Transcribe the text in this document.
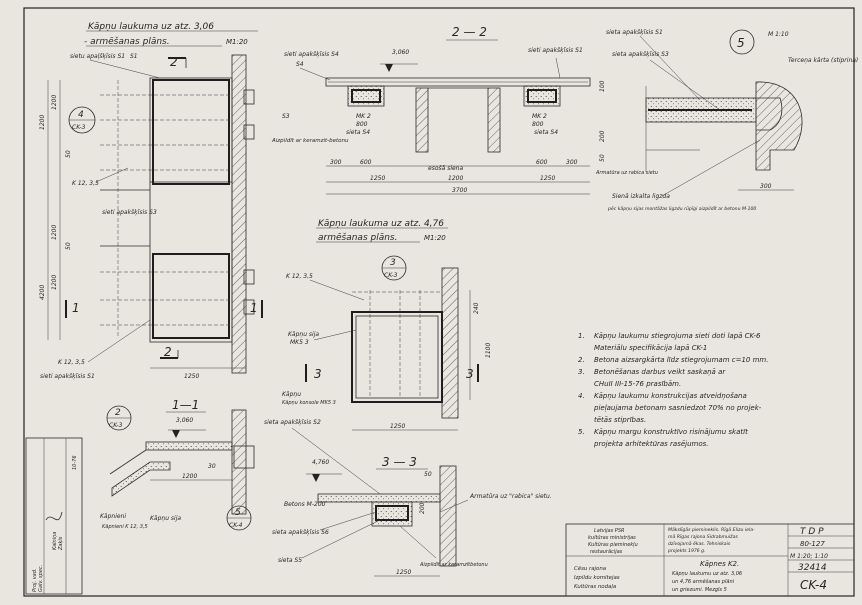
Kāpņu laukuma uz atz. 3,06
- armēšanas plāns.	M1:20
2
2
1	1
4
CK-3
1200
1200
1200
4200
1200
50
50
1250
sietu apaļšķīsis S1 S1
K 12, 3,5
sieti apakšķīsis S3
K 12, 3,5
sieti apakšķīsis S1
2 — 2
3,060
sieti apakšķīsis S4
S4
sieti apakšķīsis S1
S3	MK 2
800
sieta S4
MK 2
800
sieta S4
Aizpildīt ar keramzit-betonu
esošā siena
300	600	600	300
1250	1200	1250
3700
5
M 1:10
sieta apakšķīsis S1
sieta apakšķīsis S3
Terceņa kārta (stiprina)
100
200
50
Armatūra uz rabica sietu
Sienā izkalta ligzda
pēc kāpņu sijas montāžas ligzdu rūpīgi aizpildīt ar betonu M-100
300
Kāpņu laukuma uz atz. 4,76
armēšanas plāns.	M1:20
3
CK-3
3	3
K 12, 3,5
Kāpņu sija
MK5 3
Kāpņu
Kāpņu konsole MK5 3
240
1100
1250
1—1
3,060
30
1200
Kāpnieni
Kāpnieni K 12, 3,5
Kāpņu sija
2
CK-3
5
CK-4
3 — 3
sieta apakšķīsis S2
4,760
Betons M-200
sieta apakšķīsis S6
sieta S5
50
200
Armatūra uz "rabica" sietu.
Aizpildīt ar keramzītbetonu
1250
1. Kāpņu laukumu stiegrojuma sieti doti lapā CK-6
Materiālu specifikācija lapā CK-1
2. Betona aizsargkārta līdz stiegrojumam c=10 mm.
3. Betonēšanas darbus veikt saskaņā ar
CHuII III-15-76 prasībām.
4. Kāpņu laukumu konstrukcijas atveidņošana
pieļaujama betonam sasniedzot 70% no projek-
tētās stiprības.
5. Kāpņu margu konstruktīvo risinājumu skatīt
projekta arhitektūras rasējumos.
Proj. vad. Galv. spec.
Kalniņa Zaķis
10-76
Latvijas PSR
kultūras ministrijas
Kultūras pieminekļu
restaurācijas
Mākslīgās piemineklis. Rīgā Elizu iela-
mā Rīgas rajona Sidrabmuižas
dzīvojamā ēkas. Tehniskais
projekts 1976 g.
Cēsu rajona
Izpildu komitejas
Kultūras nodaļa
Kāpnes K2.
Kāpņu laukumu uz atz. 3,06
un 4,76 armēšanas plāni
un griezumi. Mezgls 5
T D P
80-127
M 1:20; 1:10
32414
CK-4
